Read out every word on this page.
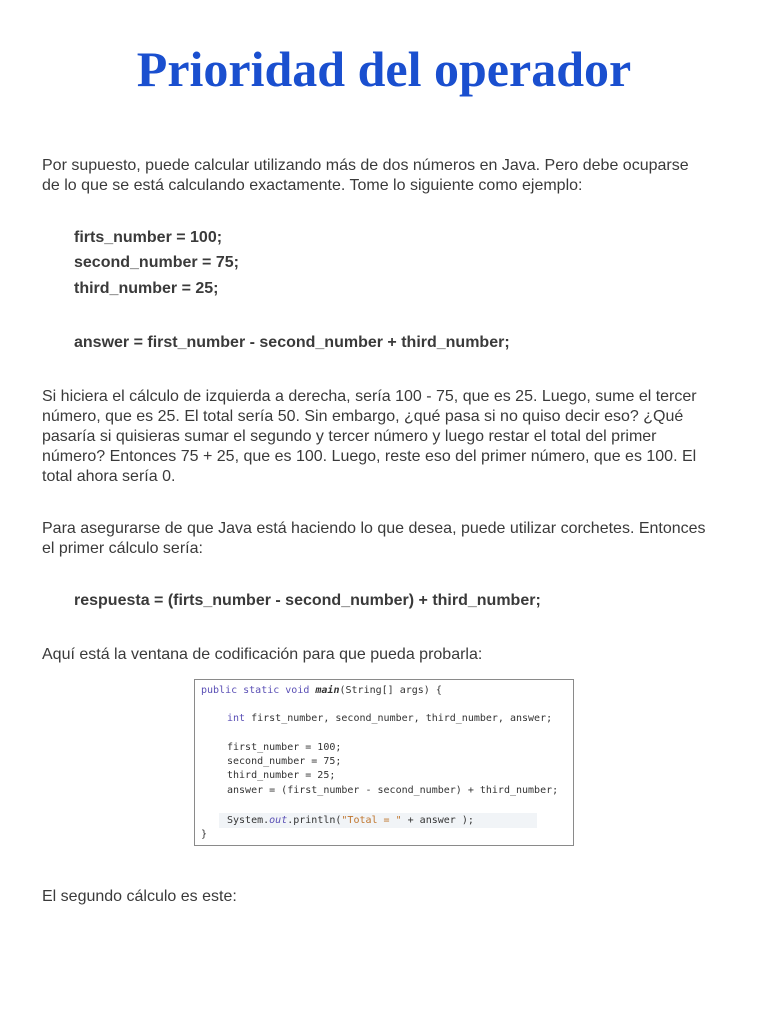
Prioridad del operador

Por supuesto, puede calcular utilizando más de dos números en Java. Pero debe ocuparse

de lo que se está calculando exactamente. Tome lo siguiente como ejemplo:

firts_number = 100;

second_number = 75;

third_number = 25;

answer = first_number - second_number + third_number;

Si hiciera el cálculo de izquierda a derecha, sería 100 - 75, que es 25. Luego, sume el tercer

número, que es 25. El total sería 50. Sin embargo, ¿qué pasa si no quiso decir eso? ¿Qué

pasaría si quisieras sumar el segundo y tercer número y luego restar el total del primer

número? Entonces 75 + 25, que es 100. Luego, reste eso del primer número, que es 100. El

total ahora sería 0.

Para asegurarse de que Java está haciendo lo que desea, puede utilizar corchetes. Entonces

el primer cálculo sería:

respuesta = (firts_number - second_number) + third_number;

Aquí está la ventana de codificación para que pueda probarla:

public static void main(String[] args) {
int first_number, second_number, third_number, answer;
first_number = 100;
second_number = 75;
third_number = 25;
answer = (first_number - second_number) + third_number;
System.out.println("Total = " + answer );
}

El segundo cálculo es este:
